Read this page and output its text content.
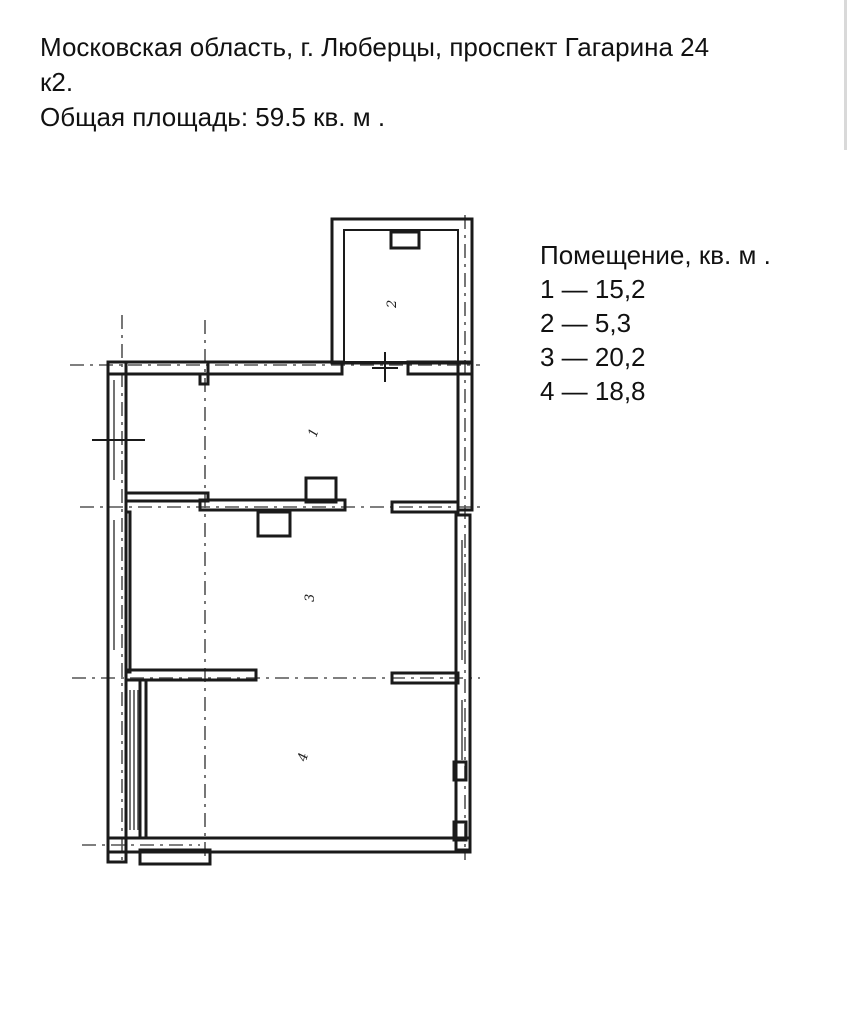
Московская область, г. Люберцы, проспект Гагарина 24
к2.
Общая площадь: 59.5 кв. м .
Помещение, кв. м .
1 — 15,2
2 — 5,3
3 — 20,2
4 — 18,8
1
2
3
4
